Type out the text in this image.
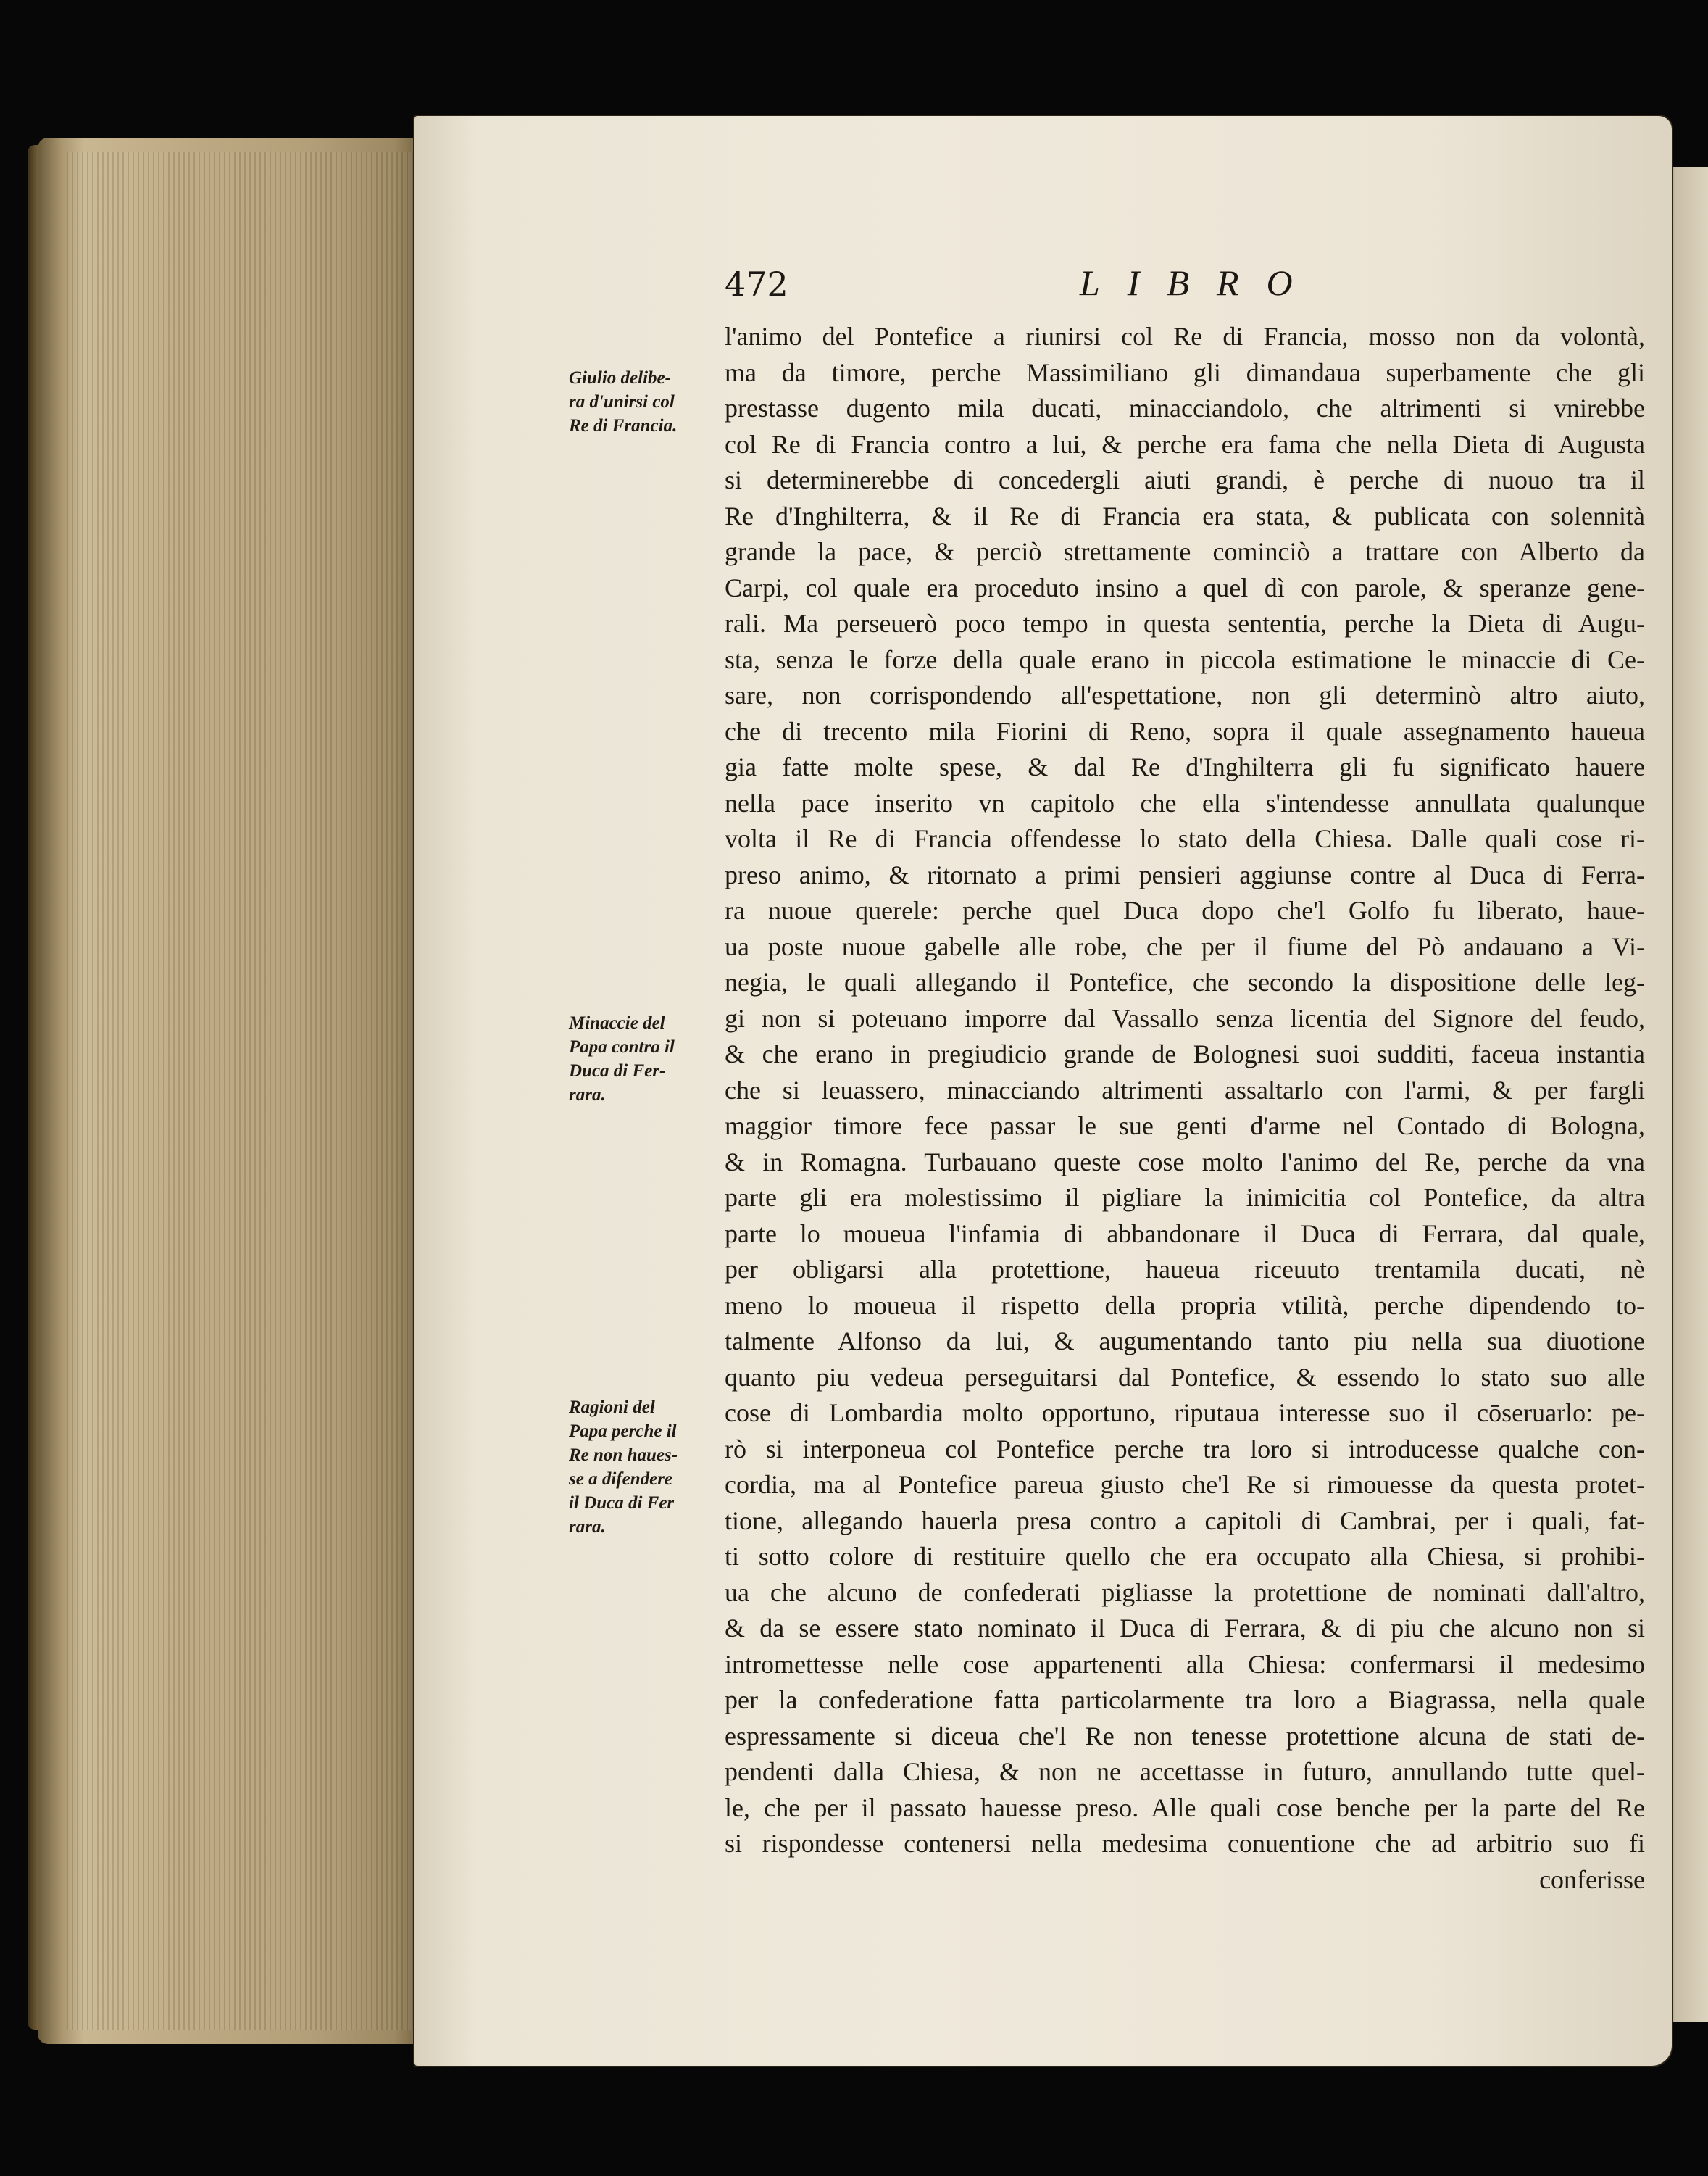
472	LIBRO
Giulio delibe-
ra d'unirsi col
Re di Francia.
Minaccie del
Papa contra il
Duca di Fer-
rara.
Ragioni del
Papa perche il
Re non haues-
se a difendere
il Duca di Fer
rara.
l'animo del Pontefice a riunirsi col Re di Francia, mosso non da volontà,
ma da timore, perche Massimiliano gli dimandaua superbamente che gli
prestasse dugento mila ducati, minacciandolo, che altrimenti si vnirebbe
col Re di Francia contro a lui, & perche era fama che nella Dieta di Augusta
si determinerebbe di concedergli aiuti grandi, è perche di nuouo tra il
Re d'Inghilterra, & il Re di Francia era stata, & publicata con solennità
grande la pace, & perciò strettamente cominciò a trattare con Alberto da
Carpi, col quale era proceduto insino a quel dì con parole, & speranze gene-
rali. Ma perseuerò poco tempo in questa sententia, perche la Dieta di Augu-
sta, senza le forze della quale erano in piccola estimatione le minaccie di Ce-
sare, non corrispondendo all'espettatione, non gli determinò altro aiuto,
che di trecento mila Fiorini di Reno, sopra il quale assegnamento haueua
gia fatte molte spese, & dal Re d'Inghilterra gli fu significato hauere
nella pace inserito vn capitolo che ella s'intendesse annullata qualunque
volta il Re di Francia offendesse lo stato della Chiesa. Dalle quali cose ri-
preso animo, & ritornato a primi pensieri aggiunse contre al Duca di Ferra-
ra nuoue querele: perche quel Duca dopo che'l Golfo fu liberato, haue-
ua poste nuoue gabelle alle robe, che per il fiume del Pò andauano a Vi-
negia, le quali allegando il Pontefice, che secondo la dispositione delle leg-
gi non si poteuano imporre dal Vassallo senza licentia del Signore del feudo,
& che erano in pregiudicio grande de Bolognesi suoi sudditi, faceua instantia
che si leuassero, minacciando altrimenti assaltarlo con l'armi, & per fargli
maggior timore fece passar le sue genti d'arme nel Contado di Bologna,
& in Romagna. Turbauano queste cose molto l'animo del Re, perche da vna
parte gli era molestissimo il pigliare la inimicitia col Pontefice, da altra
parte lo moueua l'infamia di abbandonare il Duca di Ferrara, dal quale,
per obligarsi alla protettione, haueua riceuuto trentamila ducati, nè
meno lo moueua il rispetto della propria vtilità, perche dipendendo to-
talmente Alfonso da lui, & augumentando tanto piu nella sua diuotione
quanto piu vedeua perseguitarsi dal Pontefice, & essendo lo stato suo alle
cose di Lombardia molto opportuno, riputaua interesse suo il cōseruarlo: pe-
rò si interponeua col Pontefice perche tra loro si introducesse qualche con-
cordia, ma al Pontefice pareua giusto che'l Re si rimouesse da questa protet-
tione, allegando hauerla presa contro a capitoli di Cambrai, per i quali, fat-
ti sotto colore di restituire quello che era occupato alla Chiesa, si prohibi-
ua che alcuno de confederati pigliasse la protettione de nominati dall'altro,
& da se essere stato nominato il Duca di Ferrara, & di piu che alcuno non si
intromettesse nelle cose appartenenti alla Chiesa: confermarsi il medesimo
per la confederatione fatta particolarmente tra loro a Biagrassa, nella quale
espressamente si diceua che'l Re non tenesse protettione alcuna de stati de-
pendenti dalla Chiesa, & non ne accettasse in futuro, annullando tutte quel-
le, che per il passato hauesse preso. Alle quali cose benche per la parte del Re
si rispondesse contenersi nella medesima conuentione che ad arbitrio suo fi
conferisse
